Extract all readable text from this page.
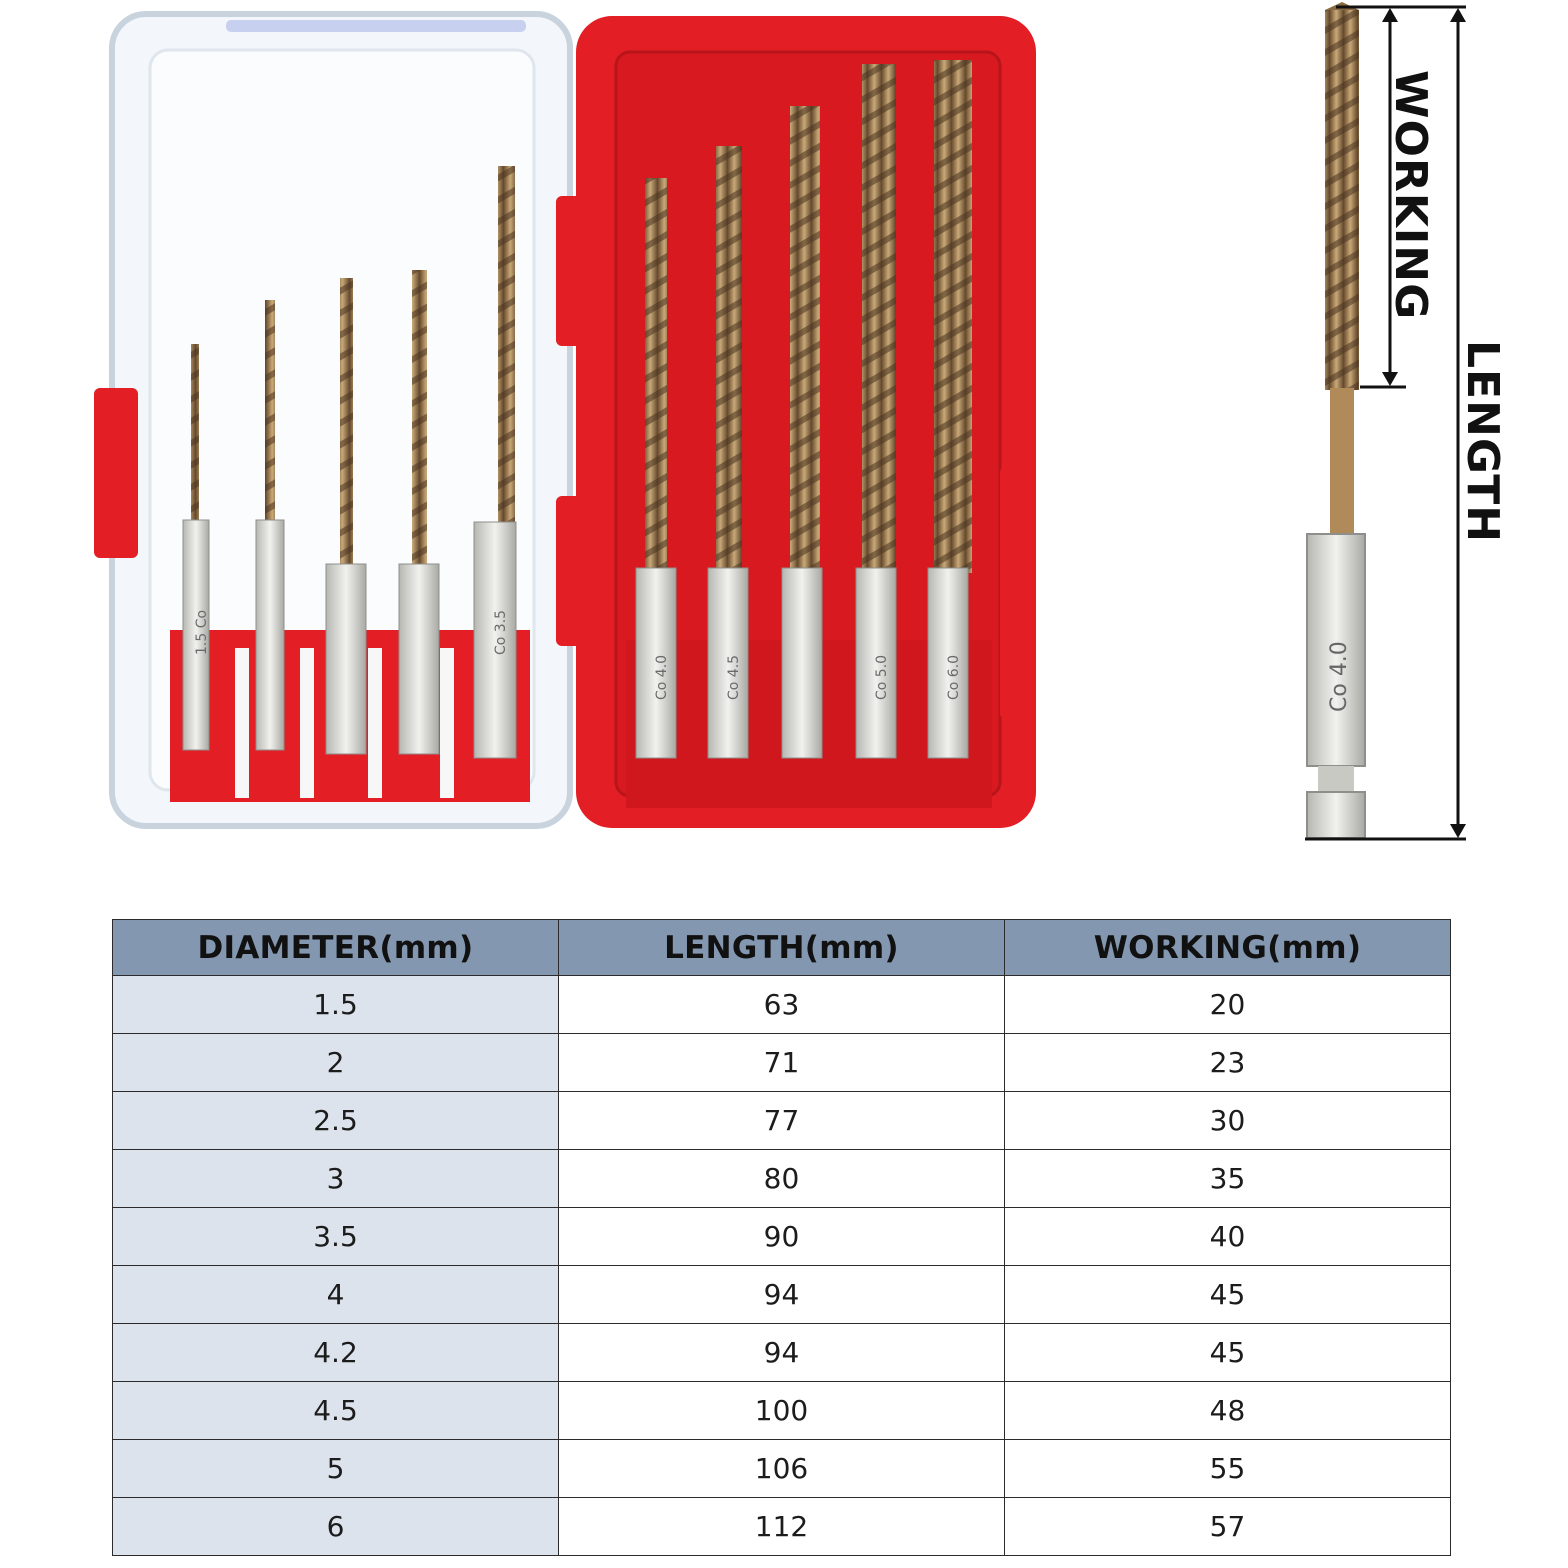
Co 4.0
WORKING
LENGTH
1.5 Co	Co 3.5
Co 4.0	Co 4.5	Co 5.0	Co 6.0
DIAMETER(mm)	LENGTH(mm)	WORKING(mm)
1.5	63	20
2	71	23
2.5	77	30
3	80	35
3.5	90	40
4	94	45
4.2	94	45
4.5	100	48
5	106	55
6	112	57
